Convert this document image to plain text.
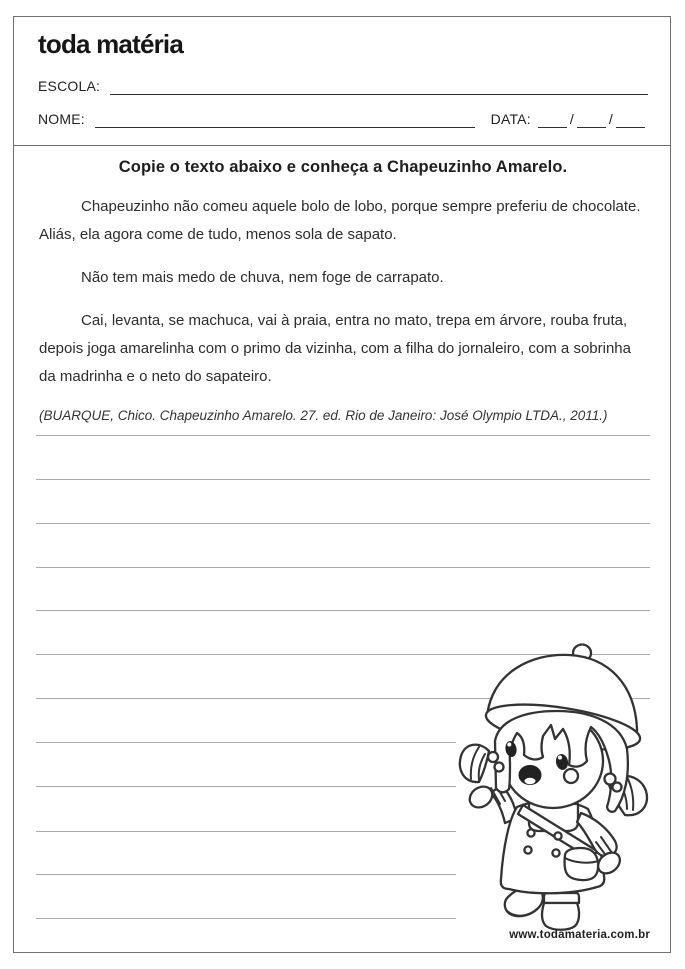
toda matéria
ESCOLA:
NOME:	DATA:	/	/
Copie o texto abaixo e conheça a Chapeuzinho Amarelo.

Chapeuzinho não comeu aquele bolo de lobo, porque sempre preferiu de chocolate. Aliás, ela agora come de tudo, menos sola de sapato.

Não tem mais medo de chuva, nem foge de carrapato.

Cai, levanta, se machuca, vai à praia, entra no mato, trepa em árvore, rouba fruta, depois joga amarelinha com o primo da vizinha, com a filha do jornaleiro, com a sobrinha da madrinha e o neto do sapateiro.

(BUARQUE, Chico. Chapeuzinho Amarelo. 27. ed. Rio de Janeiro: José Olympio LTDA., 2011.)

www.todamateria.com.br
